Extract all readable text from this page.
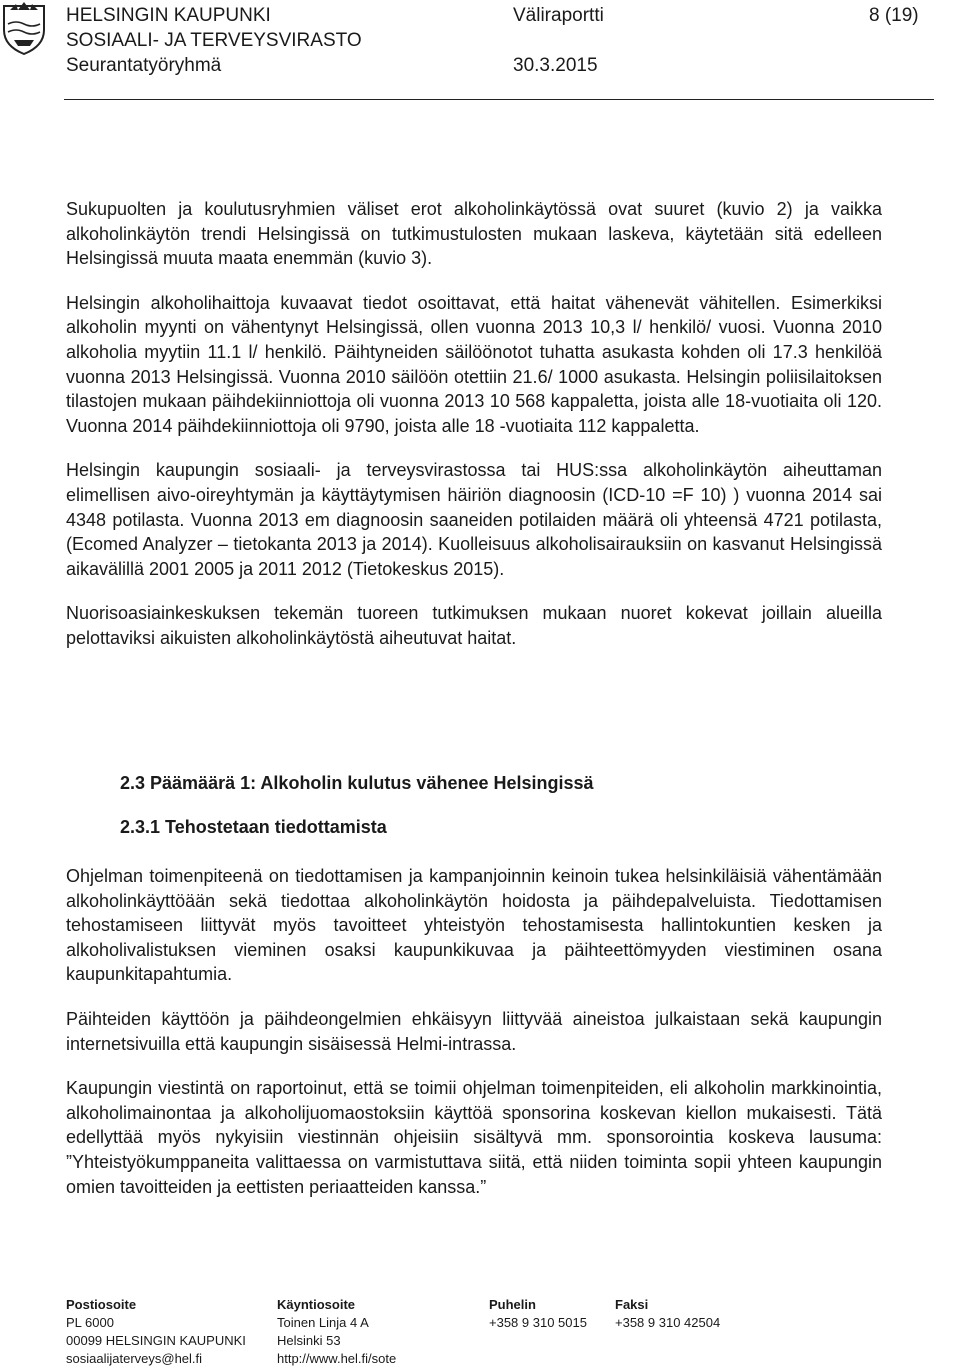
HELSINGIN KAUPUNKI
SOSIAALI- JA TERVEYSVIRASTO
Seurantatyöryhmä
Väliraportti

30.3.2015
8 (19)

Sukupuolten ja koulutusryhmien väliset erot alkoholinkäytössä ovat suuret (kuvio 2) ja vaikka alkoholinkäytön trendi Helsingissä on tutkimustulosten mukaan laskeva, käytetään sitä edelleen Helsingissä muuta maata enemmän (kuvio 3).

Helsingin alkoholihaittoja kuvaavat tiedot osoittavat, että haitat vähenevät vähitellen. Esimerkiksi alkoholin myynti on vähentynyt Helsingissä, ollen vuonna 2013 10,3 l/ henkilö/ vuosi. Vuonna 2010 alkoholia myytiin 11.1 l/ henkilö. Päihtyneiden säilöönotot tuhatta asukasta kohden oli 17.3 henkilöä vuonna 2013 Helsingissä. Vuonna 2010 säilöön otettiin 21.6/ 1000 asukasta. Helsingin poliisilaitoksen tilastojen mukaan päihdekiinniottoja oli vuonna 2013 10 568 kappaletta, joista alle 18-vuotiaita oli 120. Vuonna 2014 päihdekiinniottoja oli 9790, joista alle 18 -vuotiaita 112 kappaletta.

Helsingin kaupungin sosiaali- ja terveysvirastossa tai HUS:ssa alkoholinkäytön aiheuttaman elimellisen aivo-oireyhtymän ja käyttäytymisen häiriön diagnoosin (ICD-10 =F 10) ) vuonna 2014 sai 4348 potilasta. Vuonna 2013 em diagnoosin saaneiden potilaiden määrä oli yhteensä 4721 potilasta, (Ecomed Analyzer – tietokanta 2013 ja 2014). Kuolleisuus alkoholisairauksiin on kasvanut Helsingissä aikavälillä 2001 2005 ja 2011 2012 (Tietokeskus 2015).

Nuorisoasiainkeskuksen tekemän tuoreen tutkimuksen mukaan nuoret kokevat joillain alueilla pelottaviksi aikuisten alkoholinkäytöstä aiheutuvat haitat.

2.3 Päämäärä 1: Alkoholin kulutus vähenee Helsingissä
2.3.1 Tehostetaan tiedottamista

Ohjelman toimenpiteenä on tiedottamisen ja kampanjoinnin keinoin tukea helsinkiläisiä vähentämään alkoholinkäyttöään sekä tiedottaa alkoholinkäytön hoidosta ja päihdepalveluista. Tiedottamisen tehostamiseen liittyvät myös tavoitteet yhteistyön tehostamisesta hallintokuntien kesken ja alkoholivalistuksen vieminen osaksi kaupunkikuvaa ja päihteettömyyden viestiminen osana kaupunkitapahtumia.

Päihteiden käyttöön ja päihdeongelmien ehkäisyyn liittyvää aineistoa julkaistaan sekä kaupungin internetsivuilla että kaupungin sisäisessä Helmi-intrassa.

Kaupungin viestintä on raportoinut, että se toimii ohjelman toimenpiteiden, eli alkoholin markkinointia, alkoholimainontaa ja alkoholijuomaostoksiin käyttöä sponsorina koskevan kiellon mukaisesti. Tätä edellyttää myös nykyisiin viestinnän ohjeisiin sisältyvä mm. sponsorointia koskeva lausuma: ”Yhteistyökumppaneita valittaessa on varmistuttava siitä, että niiden toiminta sopii yhteen kaupungin omien tavoitteiden ja eettisten periaatteiden kanssa.”

Postiosoite
PL 6000
00099 HELSINGIN KAUPUNKI
sosiaalijaterveys@hel.fi
Käyntiosoite
Toinen Linja 4 A
Helsinki 53
http://www.hel.fi/sote
Puhelin
+358 9 310 5015
Faksi
+358 9 310 42504
